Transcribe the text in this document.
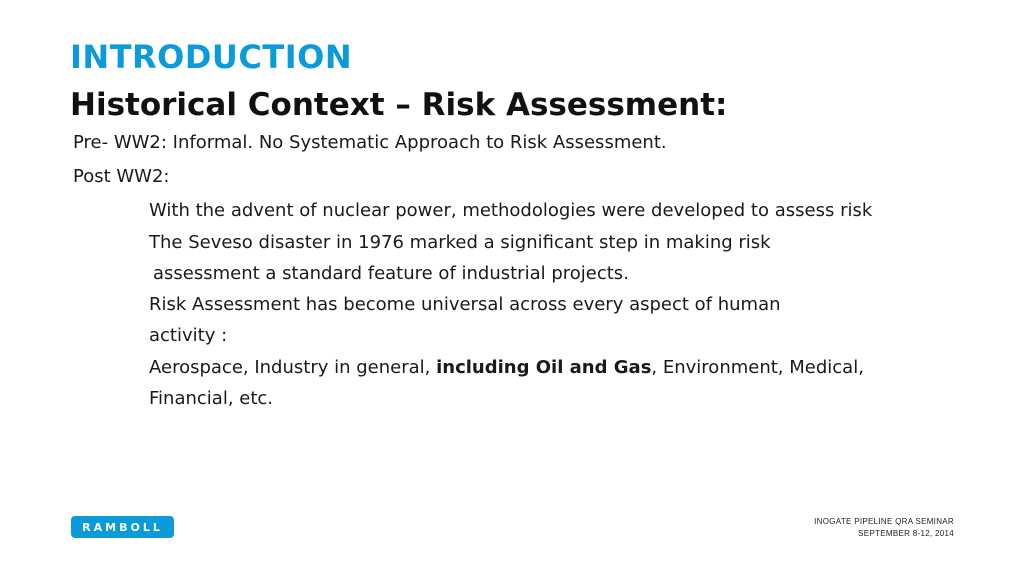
INTRODUCTION
Historical Context – Risk Assessment:
Pre- WW2: Informal. No Systematic Approach to Risk Assessment.
Post WW2:
With the advent of nuclear power, methodologies were developed to assess risk
The Seveso disaster in 1976 marked a significant step in making risk
assessment a standard feature of industrial projects.
Risk Assessment has become universal across every aspect of human
activity :
Aerospace, Industry in general, including Oil and Gas, Environment, Medical,
Financial, etc.
RAMBOLL	INOGATE PIPELINE QRA SEMINAR
SEPTEMBER 8-12, 2014
